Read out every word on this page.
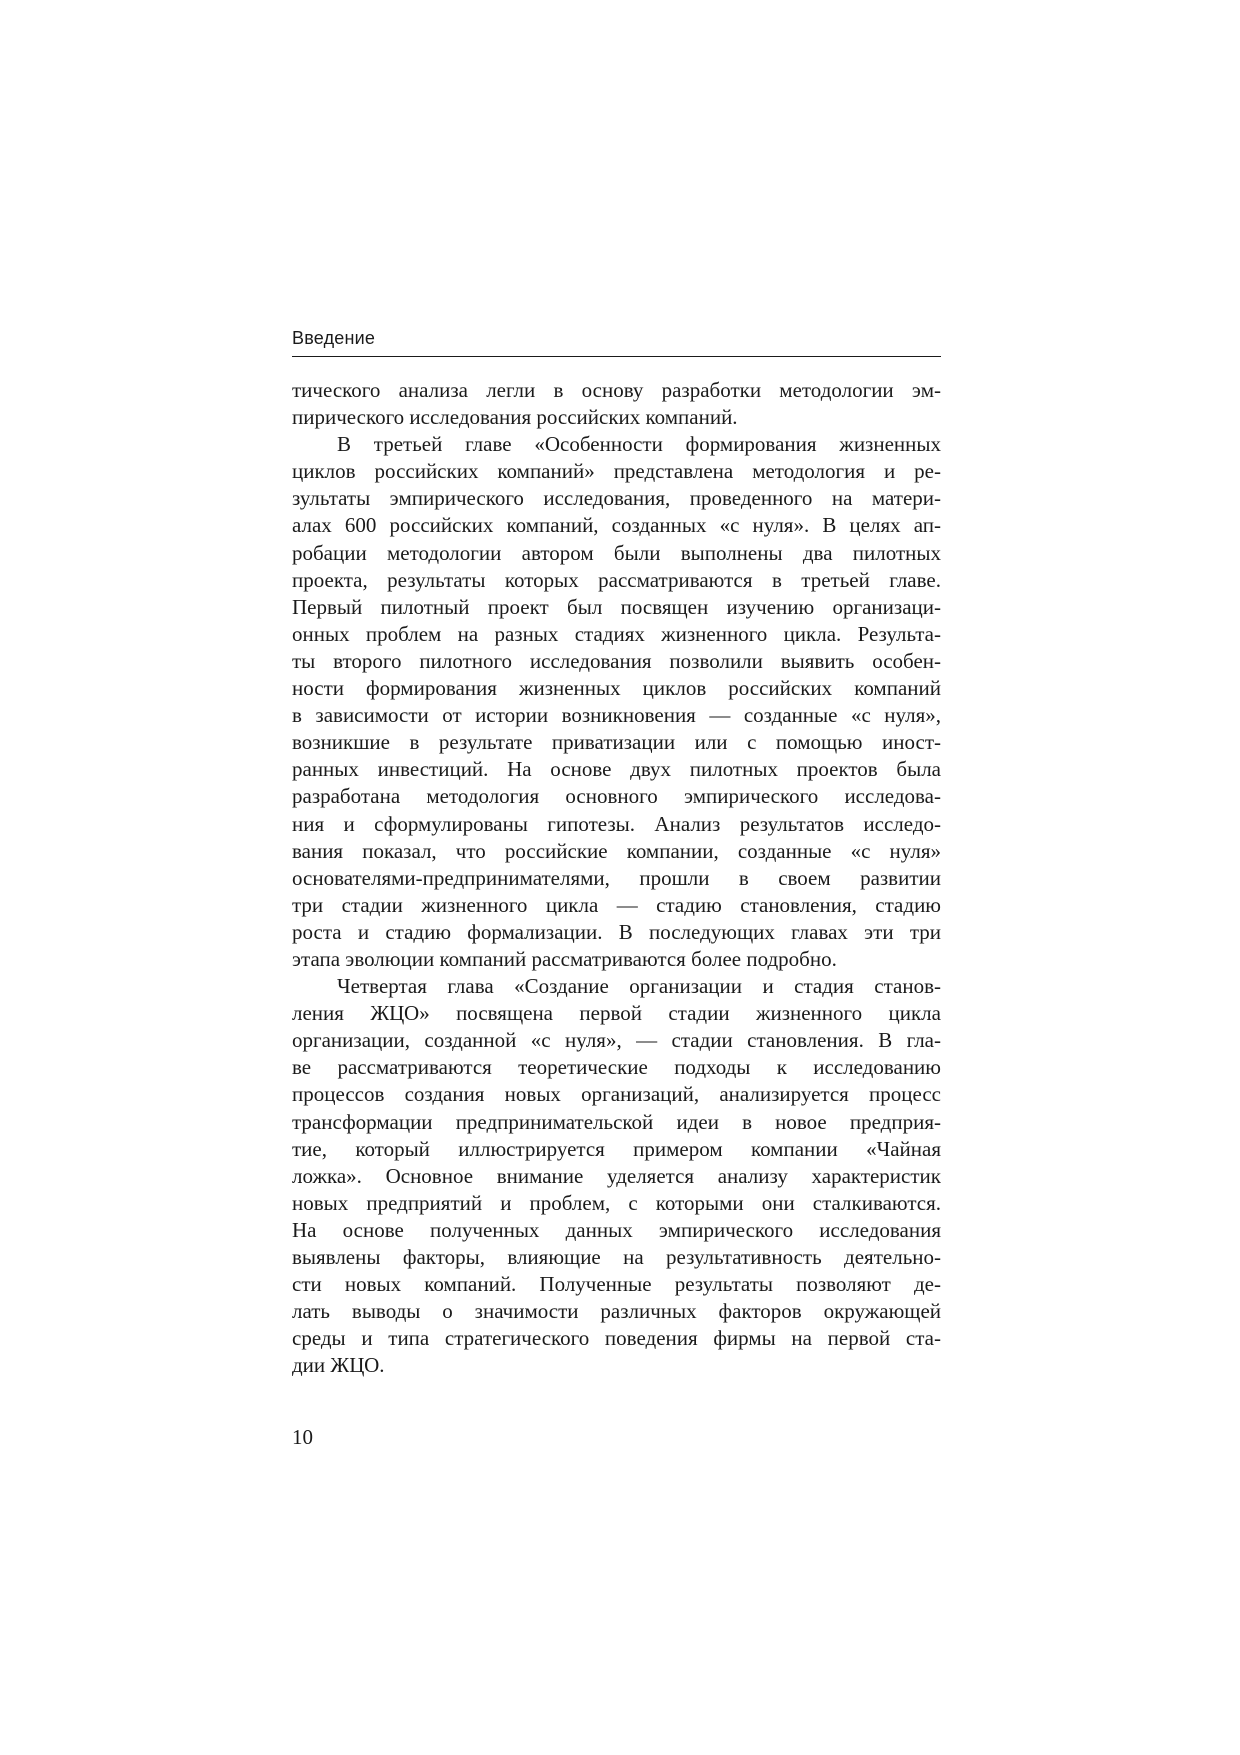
Введение
тического анализа легли в основу разработки методологии эм-
пирического исследования российских компаний.
В третьей главе «Особенности формирования жизненных
циклов российских компаний» представлена методология и ре-
зультаты эмпирического исследования, проведенного на матери-
алах 600 российских компаний, созданных «с нуля». В целях ап-
робации методологии автором были выполнены два пилотных
проекта, результаты которых рассматриваются в третьей главе.
Первый пилотный проект был посвящен изучению организаци-
онных проблем на разных стадиях жизненного цикла. Результа-
ты второго пилотного исследования позволили выявить особен-
ности формирования жизненных циклов российских компаний
в зависимости от истории возникновения — созданные «с нуля»,
возникшие в результате приватизации или с помощью иност-
ранных инвестиций. На основе двух пилотных проектов была
разработана методология основного эмпирического исследова-
ния и сформулированы гипотезы. Анализ результатов исследо-
вания показал, что российские компании, созданные «с нуля»
основателями-предпринимателями, прошли в своем развитии
три стадии жизненного цикла — стадию становления, стадию
роста и стадию формализации. В последующих главах эти три
этапа эволюции компаний рассматриваются более подробно.
Четвертая глава «Создание организации и стадия станов-
ления ЖЦО» посвящена первой стадии жизненного цикла
организации, созданной «с нуля», — стадии становления. В гла-
ве рассматриваются теоретические подходы к исследованию
процессов создания новых организаций, анализируется процесс
трансформации предпринимательской идеи в новое предприя-
тие, который иллюстрируется примером компании «Чайная
ложка». Основное внимание уделяется анализу характеристик
новых предприятий и проблем, с которыми они сталкиваются.
На основе полученных данных эмпирического исследования
выявлены факторы, влияющие на результативность деятельно-
сти новых компаний. Полученные результаты позволяют де-
лать выводы о значимости различных факторов окружающей
среды и типа стратегического поведения фирмы на первой ста-
дии ЖЦО.
10
